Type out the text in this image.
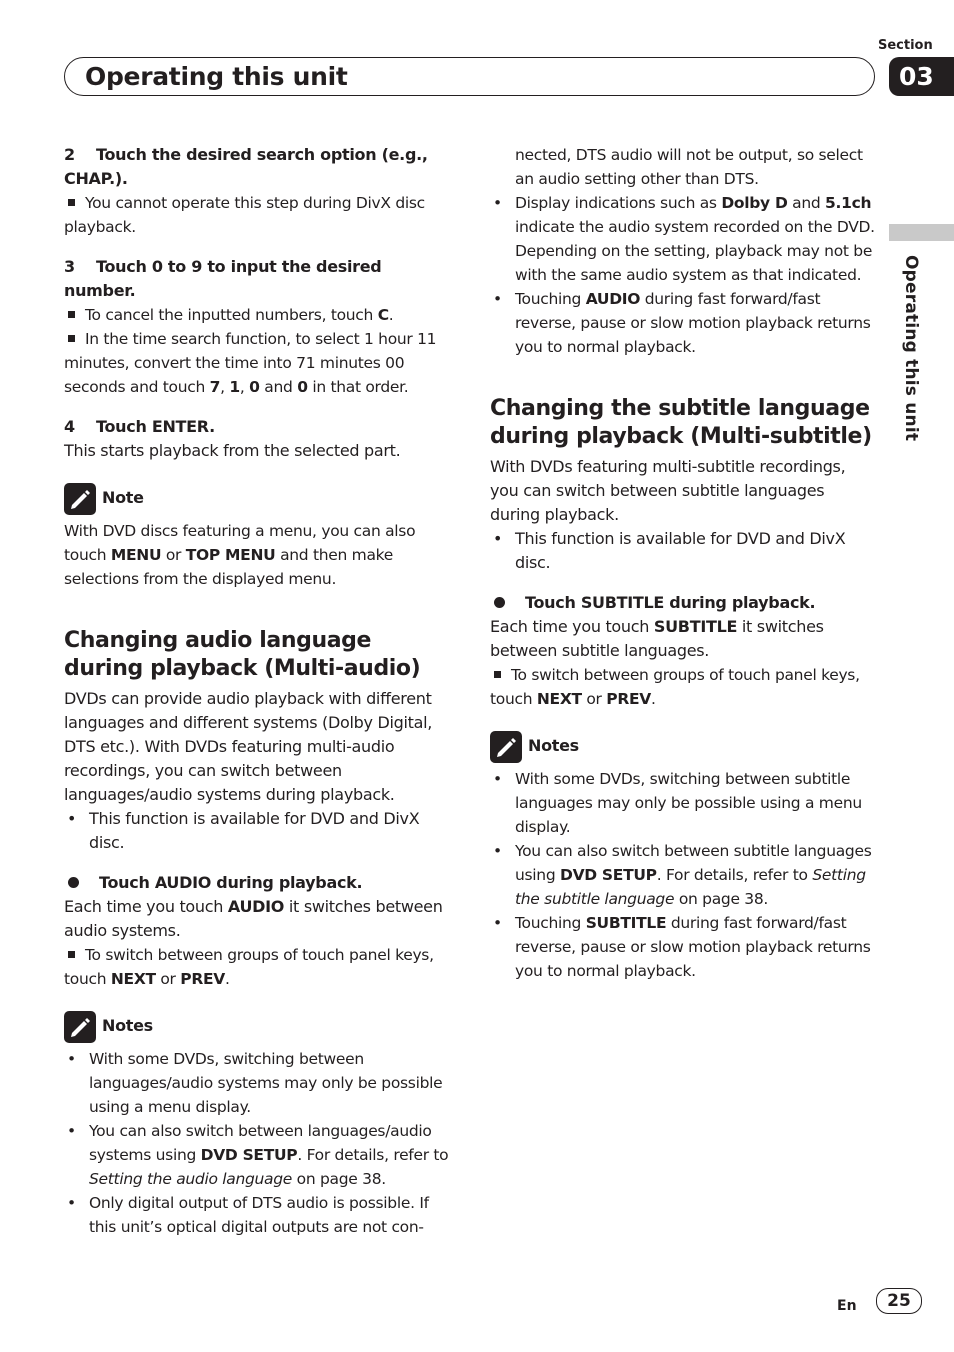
Section
03
Operating this unit
Operating this unit
2 Touch the desired search option (e.g., CHAP.).

You cannot operate this step during DivX disc playback.

3 Touch 0 to 9 to input the desired number.

To cancel the inputted numbers, touch C.

In the time search function, to select 1 hour 11 minutes, convert the time into 71 minutes 00 seconds and touch 7, 1, 0 and 0 in that order.

4 Touch ENTER.

This starts playback from the selected part.

Note

With DVD discs featuring a menu, you can also touch MENU or TOP MENU and then make selections from the displayed menu.

Changing audio language during playback (Multi-audio)

DVDs can provide audio playback with different languages and different systems (Dolby Digital, DTS etc.). With DVDs featuring multi-audio recordings, you can switch between languages/audio systems during playback.

• This function is available for DVD and DivX disc.
Touch AUDIO during playback.

Each time you touch AUDIO it switches between audio systems.

To switch between groups of touch panel keys, touch NEXT or PREV.

Notes
• With some DVDs, switching between languages/audio systems may only be possible using a menu display.
• You can also switch between languages/audio systems using DVD SETUP. For details, refer to Setting the audio language on page 38.
• Only digital output of DTS audio is possible. If this unit’s optical digital outputs are not con-
nected, DTS audio will not be output, so select an audio setting other than DTS.
• Display indications such as Dolby D and 5.1ch indicate the audio system recorded on the DVD. Depending on the setting, playback may not be with the same audio system as that indicated.
• Touching AUDIO during fast forward/fast reverse, pause or slow motion playback returns you to normal playback.
Changing the subtitle language during playback (Multi-subtitle)

With DVDs featuring multi-subtitle recordings, you can switch between subtitle languages during playback.

• This function is available for DVD and DivX disc.
Touch SUBTITLE during playback.

Each time you touch SUBTITLE it switches between subtitle languages.

To switch between groups of touch panel keys, touch NEXT or PREV.

Notes
• With some DVDs, switching between subtitle languages may only be possible using a menu display.
• You can also switch between subtitle languages using DVD SETUP. For details, refer to Setting the subtitle language on page 38.
• Touching SUBTITLE during fast forward/fast reverse, pause or slow motion playback returns you to normal playback.
En	25
